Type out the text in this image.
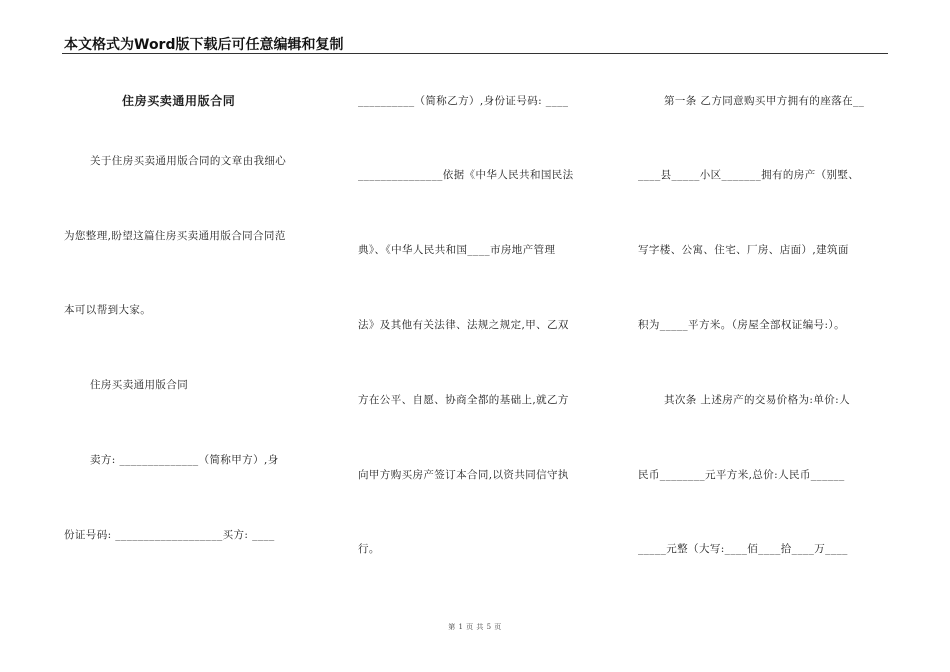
本文格式为Word版下载后可任意编辑和复制
住房买卖通用版合同
关于住房买卖通用版合同的文章由我细心
为您整理,盼望这篇住房买卖通用版合同合同范
本可以帮到大家。
住房买卖通用版合同
卖方: ______________（简称甲方）,身
份证号码: ___________________买方: ____
__________（简称乙方）,身份证号码: ____
_______________依据《中华人民共和国民法
典》、《中华人民共和国____市房地产管理
法》及其他有关法律、法规之规定,甲、乙双
方在公平、自愿、协商全都的基础上,就乙方
向甲方购买房产签订本合同,以资共同信守执
行。
第一条 乙方同意购买甲方拥有的座落在__
____县_____小区_______拥有的房产（别墅、
写字楼、公寓、住宅、厂房、店面）,建筑面
积为_____平方米。（房屋全部权证编号:）。
其次条 上述房产的交易价格为:单价:人
民币________元平方米,总价:人民币______
_____元整（大写:____佰____拾____万____
第 1 页 共 5 页
